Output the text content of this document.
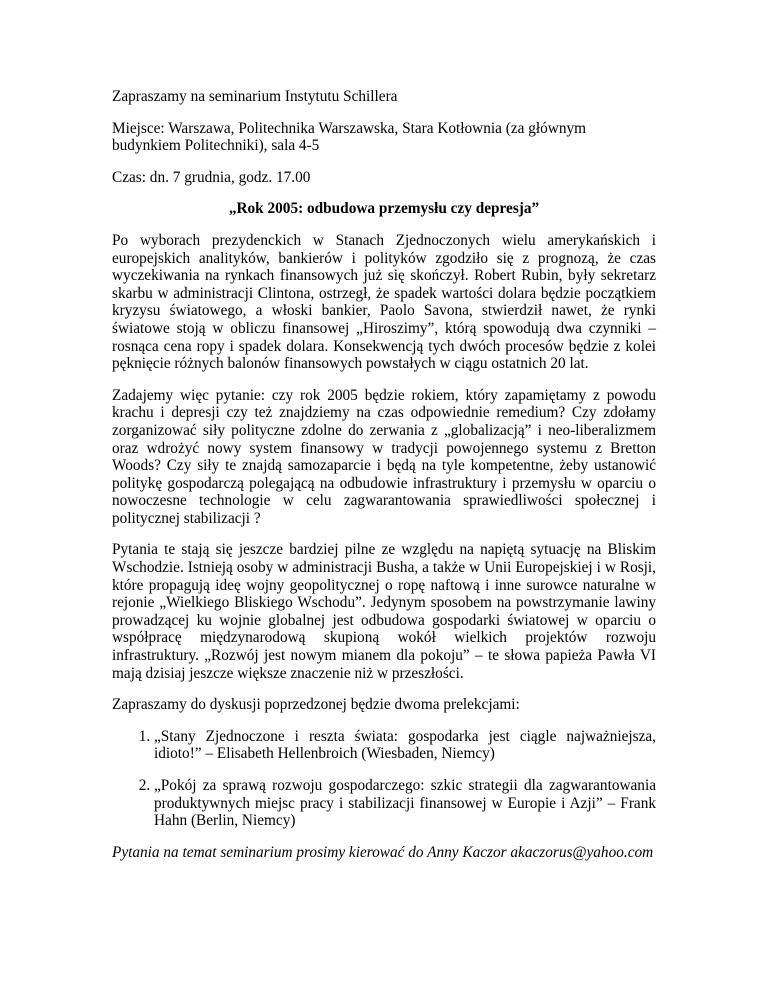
Zapraszamy na seminarium Instytutu Schillera

Miejsce: Warszawa, Politechnika Warszawska, Stara Kotłownia (za głównym budynkiem Politechniki), sala 4-5

Czas: dn. 7 grudnia, godz. 17.00

„Rok 2005: odbudowa przemysłu czy depresja”

Po wyborach prezydenckich w Stanach Zjednoczonych wielu amerykańskich i europejskich analityków, bankierów i polityków zgodziło się z prognozą, że czas wyczekiwania na rynkach finansowych już się skończył. Robert Rubin, były sekretarz skarbu w administracji Clintona, ostrzegł, że spadek wartości dolara będzie początkiem kryzysu światowego, a włoski bankier, Paolo Savona, stwierdził nawet, że rynki światowe stoją w obliczu finansowej „Hiroszimy”, którą spowodują dwa czynniki – rosnąca cena ropy i spadek dolara. Konsekwencją tych dwóch procesów będzie z kolei pęknięcie różnych balonów finansowych powstałych w ciągu ostatnich 20 lat.

Zadajemy więc pytanie: czy rok 2005 będzie rokiem, który zapamiętamy z powodu krachu i depresji czy też znajdziemy na czas odpowiednie remedium? Czy zdołamy zorganizować siły polityczne zdolne do zerwania z „globalizacją” i neo-liberalizmem oraz wdrożyć nowy system finansowy w tradycji powojennego systemu z Bretton Woods? Czy siły te znajdą samozaparcie i będą na tyle kompetentne, żeby ustanowić politykę gospodarczą polegającą na odbudowie infrastruktury i przemysłu w oparciu o nowoczesne technologie w celu zagwarantowania sprawiedliwości społecznej i politycznej stabilizacji ?

Pytania te stają się jeszcze bardziej pilne ze względu na napiętą sytuację na Bliskim Wschodzie. Istnieją osoby w administracji Busha, a także w Unii Europejskiej i w Rosji, które propagują ideę wojny geopolitycznej o ropę naftową i inne surowce naturalne w rejonie „Wielkiego Bliskiego Wschodu”. Jedynym sposobem na powstrzymanie lawiny prowadzącej ku wojnie globalnej jest odbudowa gospodarki światowej w oparciu o współpracę międzynarodową skupioną wokół wielkich projektów rozwoju infrastruktury. „Rozwój jest nowym mianem dla pokoju” – te słowa papieża Pawła VI mają dzisiaj jeszcze większe znaczenie niż w przeszłości.

Zapraszamy do dyskusji poprzedzonej będzie dwoma prelekcjami:

1. „Stany Zjednoczone i reszta świata: gospodarka jest ciągle najważniejsza, idioto!” – Elisabeth Hellenbroich (Wiesbaden, Niemcy)
2. „Pokój za sprawą rozwoju gospodarczego: szkic strategii dla zagwarantowania produktywnych miejsc pracy i stabilizacji finansowej w Europie i Azji” – Frank Hahn (Berlin, Niemcy)

Pytania na temat seminarium prosimy kierować do Anny Kaczor akaczorus@yahoo.com
